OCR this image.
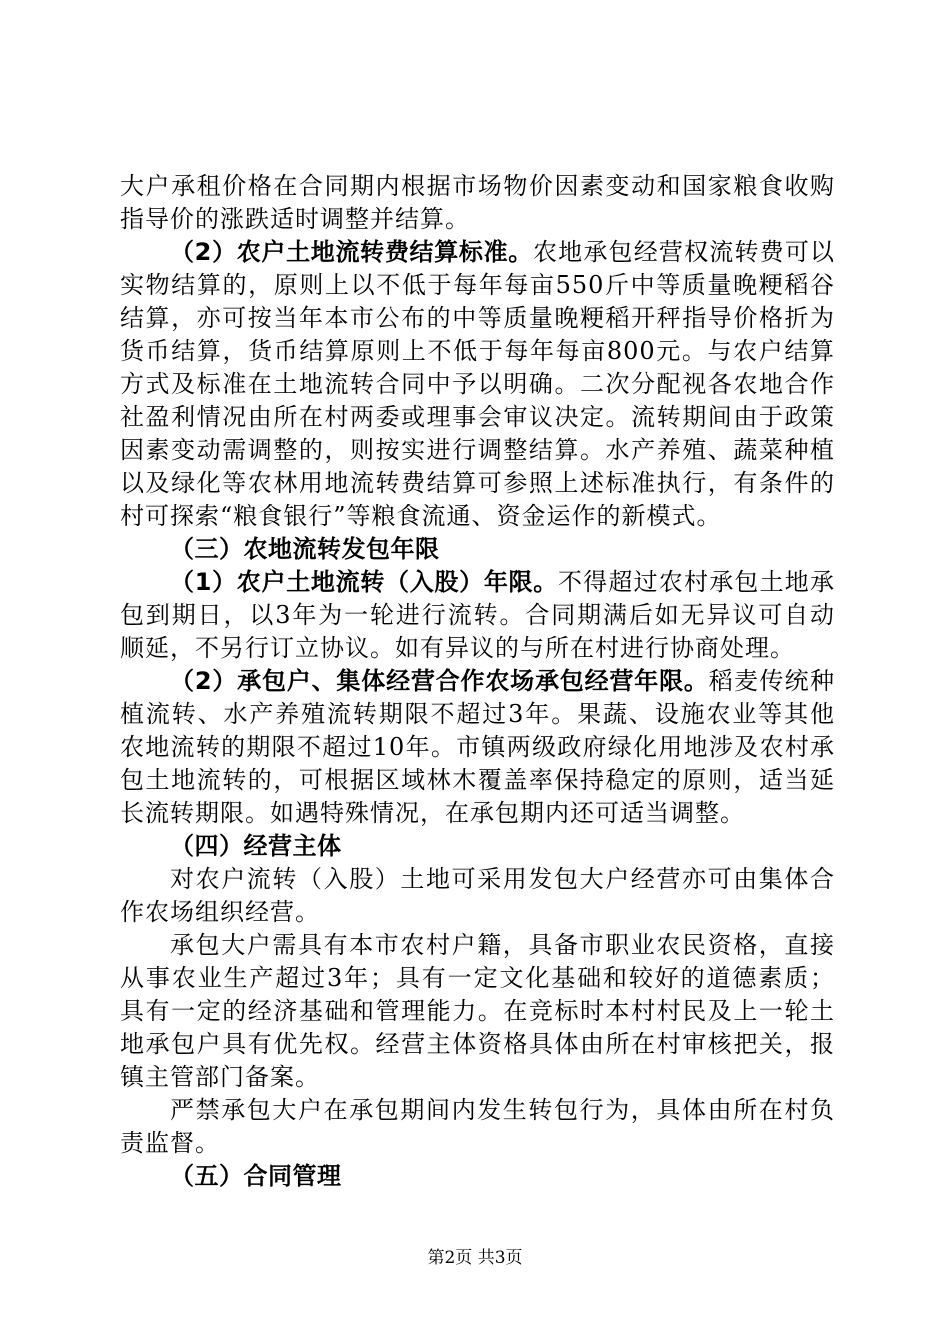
大户承租价格在合同期内根据市场物价因素变动和国家粮食收购指导价的涨跌适时调整并结算。

（2）农户土地流转费结算标准。农地承包经营权流转费可以实物结算的，原则上以不低于每年每亩550斤中等质量晚粳稻谷结算，亦可按当年本市公布的中等质量晚粳稻开秤指导价格折为货币结算，货币结算原则上不低于每年每亩800元。与农户结算方式及标准在土地流转合同中予以明确。二次分配视各农地合作社盈利情况由所在村两委或理事会审议决定。流转期间由于政策因素变动需调整的，则按实进行调整结算。水产养殖、蔬菜种植以及绿化等农林用地流转费结算可参照上述标准执行，有条件的村可探索“粮食银行”等粮食流通、资金运作的新模式。

（三）农地流转发包年限

（1）农户土地流转（入股）年限。不得超过农村承包土地承包到期日，以3年为一轮进行流转。合同期满后如无异议可自动顺延，不另行订立协议。如有异议的与所在村进行协商处理。

（2）承包户、集体经营合作农场承包经营年限。稻麦传统种植流转、水产养殖流转期限不超过3年。果蔬、设施农业等其他农地流转的期限不超过10年。市镇两级政府绿化用地涉及农村承包土地流转的，可根据区域林木覆盖率保持稳定的原则，适当延长流转期限。如遇特殊情况，在承包期内还可适当调整。

（四）经营主体

对农户流转（入股）土地可采用发包大户经营亦可由集体合作农场组织经营。

承包大户需具有本市农村户籍，具备市职业农民资格，直接从事农业生产超过3年；具有一定文化基础和较好的道德素质；具有一定的经济基础和管理能力。在竞标时本村村民及上一轮土地承包户具有优先权。经营主体资格具体由所在村审核把关，报镇主管部门备案。

严禁承包大户在承包期间内发生转包行为，具体由所在村负责监督。

（五）合同管理

第2页 共3页
